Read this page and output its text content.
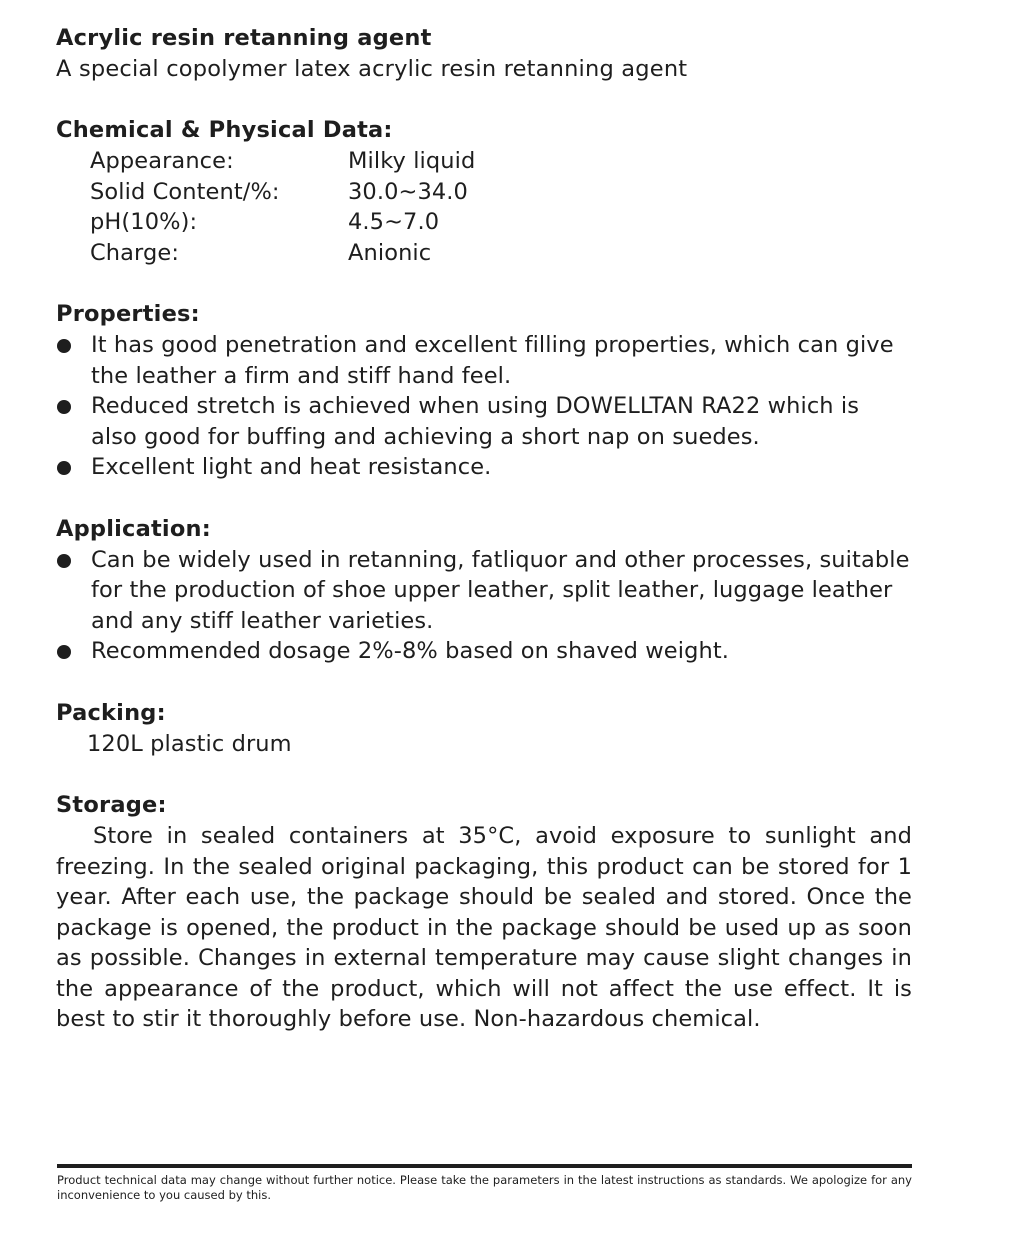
Acrylic resin retanning agent
A special copolymer latex acrylic resin retanning agent
Chemical & Physical Data:
Appearance:	Milky liquid
Solid Content/%:	30.0~34.0
pH(10%):	4.5~7.0
Charge:	Anionic
Properties:
It has good penetration and excellent filling properties, which can give the leather a firm and stiff hand feel.
Reduced stretch is achieved when using DOWELLTAN RA22 which is also good for buffing and achieving a short nap on suedes.
Excellent light and heat resistance.
Application:
Can be widely used in retanning, fatliquor and other processes, suitable for the production of shoe upper leather, split leather, luggage leather and any stiff leather varieties.
Recommended dosage 2%-8% based on shaved weight.
Packing:
120L plastic drum
Storage:
Store in sealed containers at 35°C, avoid exposure to sunlight and freezing. In the sealed original packaging, this product can be stored for 1 year. After each use, the package should be sealed and stored. Once the package is opened, the product in the package should be used up as soon as possible. Changes in external temperature may cause slight changes in the appearance of the product, which will not affect the use effect. It is best to stir it thoroughly before use. Non-hazardous chemical.
Product technical data may change without further notice. Please take the parameters in the latest instructions as standards. We apologize for any inconvenience to you caused by this.
